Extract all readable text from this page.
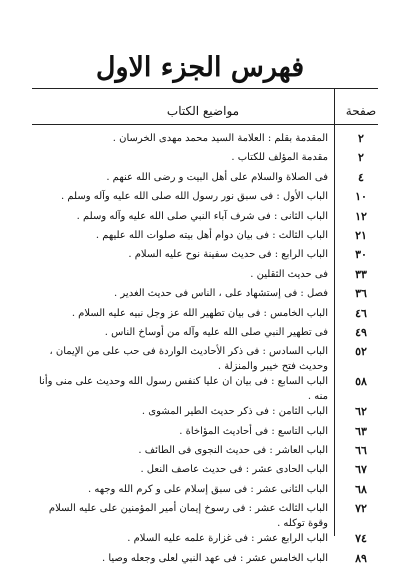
فهرس الجزء الاول
صفحة
مواضيع الكتاب
٢
المقدمة بقلم : العلامة السيد محمد مهدى الخرسان .
٢
مقدمة المؤلف للكتاب .
٤
فى الصلاة والسلام على أهل البيت و رضى الله عنهم .
١٠
الباب الأول : فى سبق نور رسول الله صلى الله عليه وآله وسلم .
١٢
الباب الثانى : فى شرف آباء النبي صلى الله عليه وآله وسلم .
٢١
الباب الثالث : فى بيان دوام أهل بيته صلوات الله عليهم .
٣٠
الباب الرابع : فى حديث سفينة نوح عليه السلام .
٣٣
فى حديث الثقلين .
٣٦
فصل : فى إستشهاد على ، الناس فى حديث الغدير .
٤٦
الباب الخامس : فى بيان تطهير الله عز وجل نبيه عليه السلام .
٤٩
فى تطهير النبي صلى الله عليه وآله من أوساخ الناس .
٥٢
الباب السادس : فى ذكر الأحاديث الواردة فى حب على من الإيمان ، وحديث فتح خيبر والمنزلة .
٥٨
الباب السابع : فى بيان ان عليا كنفس رسول الله وحديث على منى وأنا منه .
٦٢
الباب الثامن : فى ذكر حديث الطير المشوى .
٦٣
الباب التاسع : فى أحاديث المؤاخاة .
٦٦
الباب العاشر : فى حديث النجوى فى الطائف .
٦٧
الباب الحادى عشر : فى حديث عاصف النعل .
٦٨
الباب الثانى عشر : فى سبق إسلام على و كرم الله وجهه .
٧٢
الباب الثالث عشر : فى رسوخ إيمان أمير المؤمنين على عليه السلام وقوة توكله .
٧٤
الباب الرابع عشر : فى غزارة علمه عليه السلام .
٨٩
الباب الخامس عشر : فى عهد النبي لعلى وجعله وصيا .
